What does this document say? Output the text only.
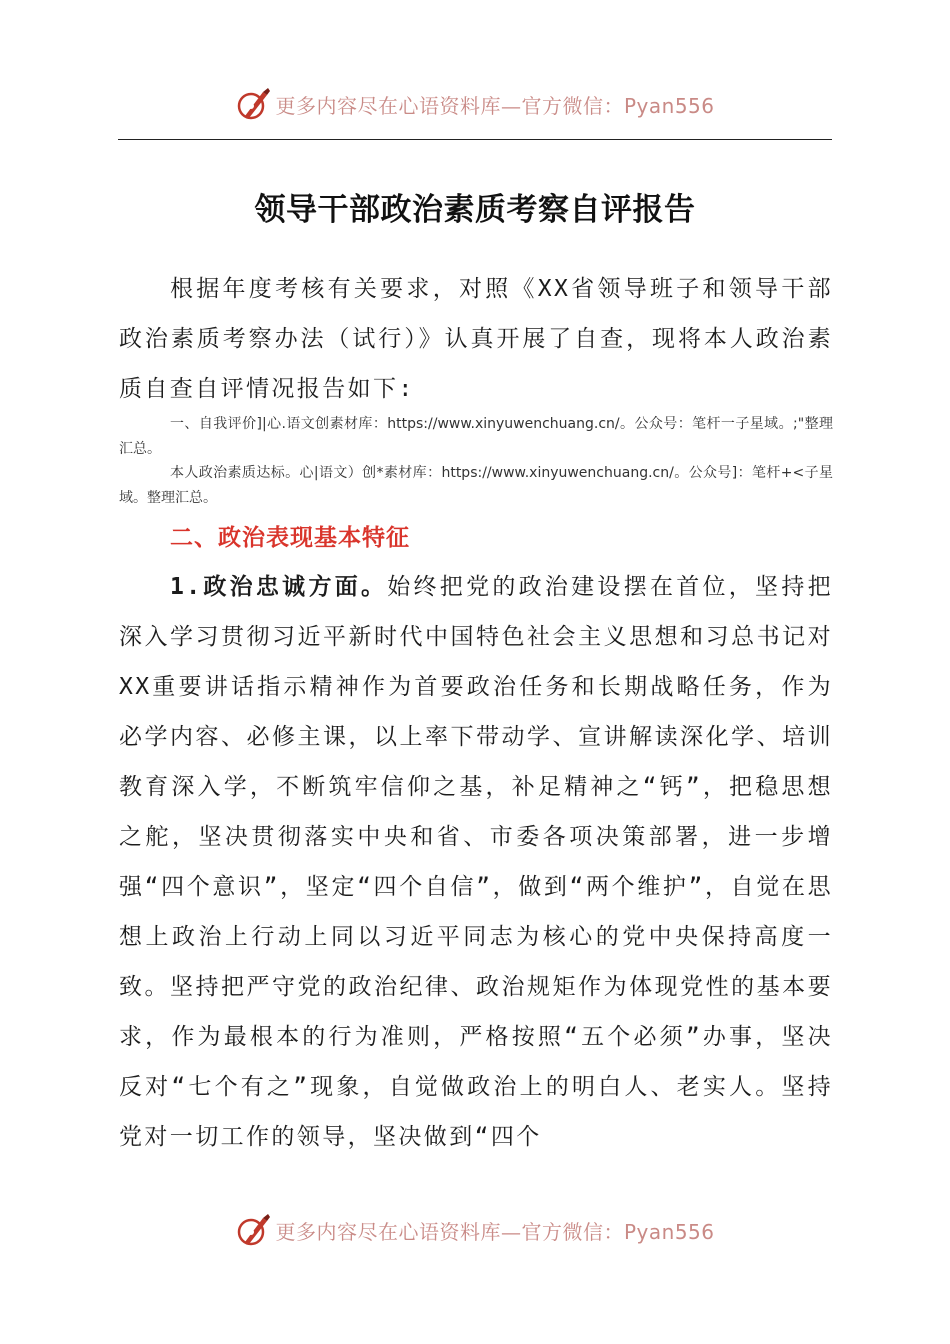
更多内容尽在心语资料库—官方微信：Pyan556
领导干部政治素质考察自评报告

根据年度考核有关要求，对照《XX省领导班子和领导干部政治素质考察办法（试行）》认真开展了自查，现将本人政治素质自查自评情况报告如下:

一、自我评价]|心.语文创素材库：https://www.xinyuwenchuang.cn/。公众号：笔杆一子星域。;"整理汇总。

本人政治素质达标。心|语文）创*素材库：https://www.xinyuwenchuang.cn/。公众号]：笔杆+<子星域。整理汇总。

二、政治表现基本特征

1.政治忠诚方面。始终把党的政治建设摆在首位，坚持把深入学习贯彻习近平新时代中国特色社会主义思想和习总书记对XX重要讲话指示精神作为首要政治任务和长期战略任务，作为必学内容、必修主课，以上率下带动学、宣讲解读深化学、培训教育深入学，不断筑牢信仰之基，补足精神之“钙”，把稳思想之舵，坚决贯彻落实中央和省、市委各项决策部署，进一步增强“四个意识”，坚定“四个自信”，做到“两个维护”，自觉在思想上政治上行动上同以习近平同志为核心的党中央保持高度一致。坚持把严守党的政治纪律、政治规矩作为体现党性的基本要求，作为最根本的行为准则，严格按照“五个必须”办事，坚决反对“七个有之”现象，自觉做政治上的明白人、老实人。坚持党对一切工作的领导，坚决做到“四个

更多内容尽在心语资料库—官方微信：Pyan556
